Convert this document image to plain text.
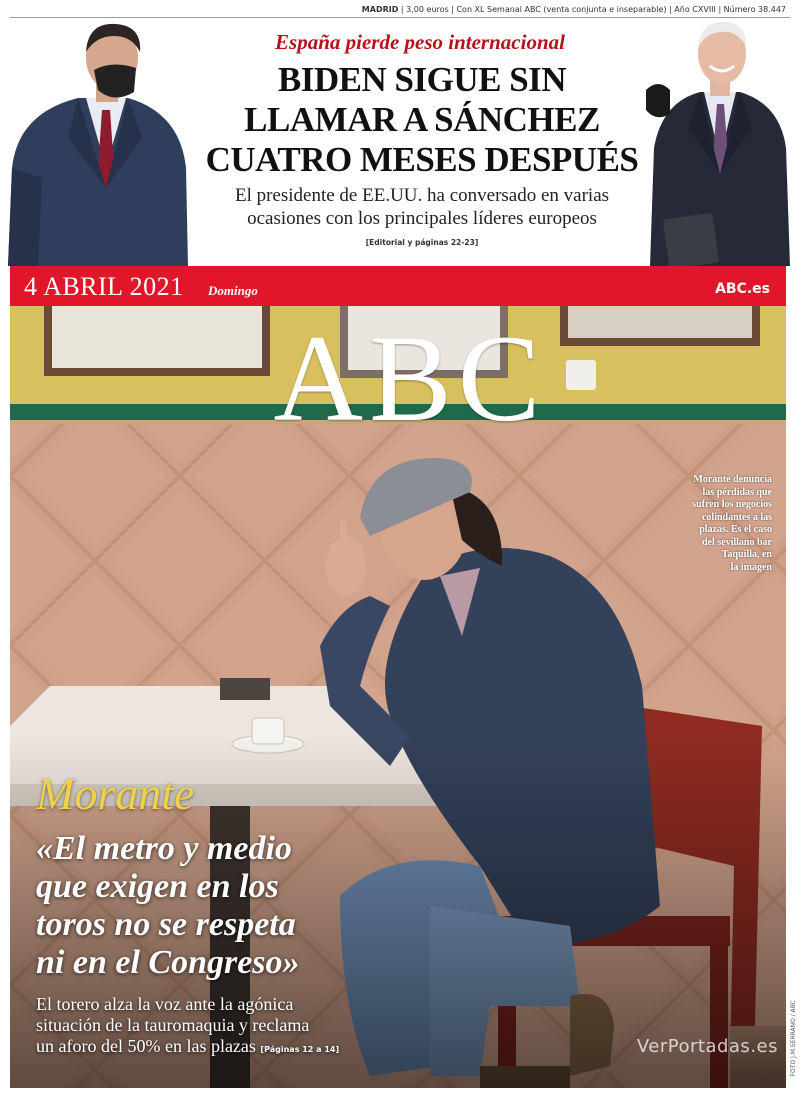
MADRID | 3,00 euros | Con XL Semanal ABC (venta conjunta e inseparable) | Año CXVIII | Número 38.447
España pierde peso internacional
BIDEN SIGUE SIN
LLAMAR A SÁNCHEZ
CUATRO MESES DESPUÉS
El presidente de EE.UU. ha conversado en varias
ocasiones con los principales líderes europeos
[Editorial y páginas 22-23]
4 ABRIL 2021 Domingo	ABC.es
ABC
Morante denuncia
las pérdidas que
sufren los negocios
colindantes a las
plazas. Es el caso
del sevillano bar
Taquilla, en
la imagen
Morante
«El metro y medio
que exigen en los
toros no se respeta
ni en el Congreso»
El torero alza la voz ante la agónica
situación de la tauromaquia y reclama
un aforo del 50% en las plazas [Páginas 12 a 14]	VerPortadas.es FOTO J.M.SERRANO / ABC
